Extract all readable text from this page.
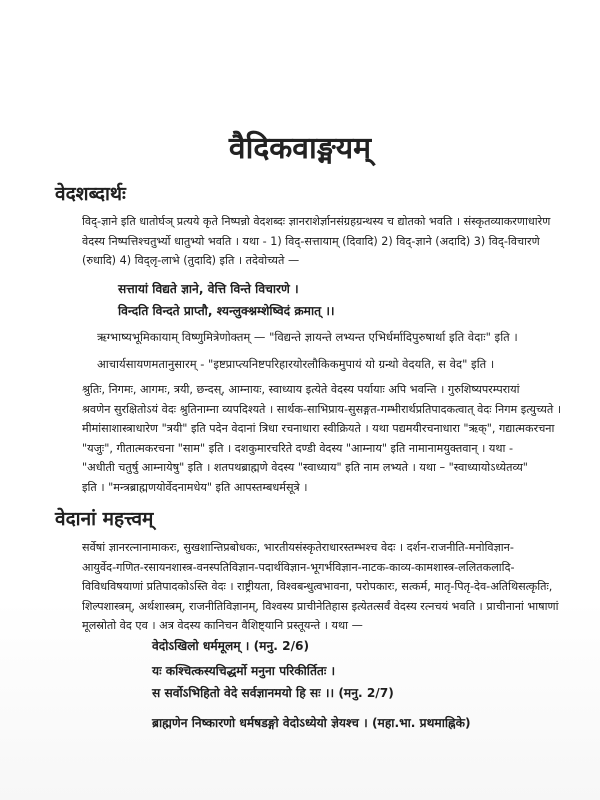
वैदिकवाङ्मयम्
वेदशब्दार्थः

विद्-ज्ञाने इति धातोर्घञ् प्रत्यये कृते निष्पन्नो वेदशब्दः ज्ञानराशेर्ज्ञानसंग्रहग्रन्थस्य च द्योतको भवति । संस्कृतव्याकरणाधारेण
वेदस्य निष्पत्तिश्चतुर्भ्यो धातुभ्यो भवति । यथा - 1) विद्-सत्तायाम् (दिवादि) 2) विद्-ज्ञाने (अदादि) 3) विद्-विचारणे
(रुधादि) 4) विद्लृ-लाभे (तुदादि) इति । तदेवोच्यते —

सत्तायां विद्यते ज्ञाने, वेत्ति विन्ते विचारणे ।
विन्दति विन्दते प्राप्तौ, श्यन्लुक्श्नम्शेष्विदं क्रमात् ।।

ऋग्भाष्यभूमिकायाम् विष्णुमित्रेणोक्तम् — "विद्यन्ते ज्ञायन्ते लभ्यन्त एभिर्धर्मादिपुरुषार्था इति वेदाः" इति ।

आचार्यसायणमतानुसारम् - "इष्टप्राप्त्यनिष्टपरिहारयोरलौकिकमुपायं यो ग्रन्थो वेदयति, स वेद" इति ।

श्रुतिः, निगमः, आगमः, त्रयी, छन्दस्, आम्नायः, स्वाध्याय इत्येते वेदस्य पर्यायाः अपि भवन्ति । गुरुशिष्यपरम्परायां
श्रवणेन सुरक्षितोऽयं वेदः श्रुतिनाम्ना व्यपदिश्यते । सार्थक-साभिप्राय-सुसङ्गत-गम्भीरार्थप्रतिपादकत्वात् वेदः निगम इत्युच्यते ।
मीमांसाशास्त्राधारेण "त्रयी" इति पदेन वेदानां त्रिधा रचनाधारा स्वीक्रियते । यथा पद्यमयीरचनाधारा "ऋक्", गद्यात्मकरचना
"यजुः", गीतात्मकरचना "साम" इति । दशकुमारचरिते दण्डी वेदस्य "आम्नाय" इति नामानामयुक्तवान् । यथा -
"अधीती चतुर्षु आम्नायेषु" इति । शतपथब्राह्मणे वेदस्य "स्वाध्याय" इति नाम लभ्यते । यथा – "स्वाध्यायोऽध्येतव्य"
इति । "मन्त्रब्राह्मणयोर्वेदनामधेय" इति आपस्तम्बधर्मसूत्रे ।

वेदानां महत्त्वम्

सर्वेषां ज्ञानरत्नानामाकरः, सुखशान्तिप्रबोधकः, भारतीयसंस्कृतेराधारस्तम्भश्च वेदः । दर्शन-राजनीति-मनोविज्ञान-
आयुर्वेद-गणित-रसायनशास्त्र-वनस्पतिविज्ञान-पदार्थविज्ञान-भूगर्भविज्ञान-नाटक-काव्य-कामशास्त्र-ललितकलादि-
विविधविषयाणां प्रतिपादकोऽस्ति वेदः । राष्ट्रीयता, विश्वबन्धुत्वभावना, परोपकारः, सत्कर्म, मातृ-पितृ-देव-अतिथिसत्कृतिः,
शिल्पशास्त्रम्, अर्थशास्त्रम्, राजनीतिविज्ञानम्, विश्वस्य प्राचीनेतिहास इत्येतत्सर्वं वेदस्य रत्नचयं भवति । प्राचीनानां भाषाणां
मूलस्रोतो वेद एव । अत्र वेदस्य कानिचन वैशिष्ट्यानि प्रस्तूयन्ते । यथा —

वेदोऽखिलो धर्ममूलम् । (मनु. 2/6)
यः कश्चित्कस्यचिद्धर्मो मनुना परिकीर्तितः ।
स सर्वोऽभिहितो वेदे सर्वज्ञानमयो हि सः ।। (मनु. 2/7)
ब्राह्मणेन निष्कारणो धर्मषडङ्गो वेदोऽध्येयो ज्ञेयश्च । (महा.भा. प्रथमाह्निके)
